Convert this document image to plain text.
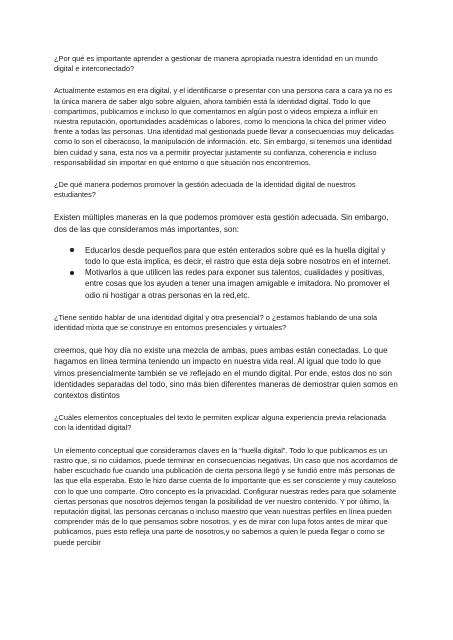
¿Por qué es importante aprender a gestionar de manera apropiada nuestra identidad en un mundo digital e interconectado?

Actualmente estamos en era digital, y el identificarse o presentar con una persona cara a cara ya no es la única manera de saber algo sobre alguien, ahora también está la identidad digital. Todo lo que compartimos, publicamos e incluso lo que comentamos en algún post o videos empieza a influir en nuestra reputación, oportunidades académicas o labores, como lo menciona la chica del primer video frente a todas las personas. Una identidad mal gestionada puede llevar a consecuencias muy delicadas como lo son el ciberacoso, la manipulación de información. etc. Sin embargo, si tenemos una identidad bien cuidad y sana, esta nos va a permitir proyectar justamente su confianza, coherencia e incluso responsabilidad sin importar en qué entorno o que situación nos encontremos.

¿De qué manera podemos promover la gestión adecuada de la identidad digital de nuestros estudiantes?

Existen múltiples maneras en la que podemos promover esta gestión adecuada. Sin embargo, dos de las que consideramos más importantes, son:

Educarlos desde pequeños para que estén enterados sobre qué es la huella digital y todo lo que esta implica, es decir, el rastro que esta deja sobre nosotros en el internet.
Motivarlos a que utilicen las redes para exponer sus talentos, cualidades y positivas, entre cosas que los ayuden a tener una imagen amigable e imitadora. No promover el odio ni hostigar a otras personas en la red,etc.

¿Tiene sentido hablar de una identidad digital y otra presencial? o ¿estamos hablando de una sola identidad mixta que se construye en entornos presenciales y virtuales?

creemos, que hoy día no existe una mezcla de ambas, pues ambas están conectadas. Lo que hagamos en línea termina teniendo un impacto en nuestra vida real. Al igual que todo lo que vimos presencialmente también se ve reflejado en el mundo digital. Por ende, estos dos no son identidades separadas del todo, sino más bien diferentes maneras de demostrar quien somos en contextos distintos

¿Cuáles elementos conceptuales del texto le permiten explicar alguna experiencia previa relacionada con la identidad digital?

Un elemento conceptual que consideramos claves en la “huella digital”. Todo lo que publicamos es un rastro que, si no cuidamos, puede terminar en consecuencias negativas. Un caso que nos acordamos de haber escuchado fue cuando una publicación de cierta persona llegó y se fundió entre más personas de las que ella esperaba. Esto le hizo darse cuenta de lo importante que es ser consciente y muy cauteloso con lo que uno comparte. Otro concepto es la privacidad. Configurar nuestras redes para que solamente ciertas personas que nosotros dejemos tengan la posibilidad de ver nuestro contenido. Y por último, la reputación digital, las personas cercanas o incluso maestro que vean nuestras perfiles en línea pueden comprender más de lo que pensamos sobre nosotros, y es de mirar con lupa fotos antes de mirar que publicamos, pues esto refleja una parte de nosotros,y no sabemos a quien le pueda llegar o como se puede percibir
